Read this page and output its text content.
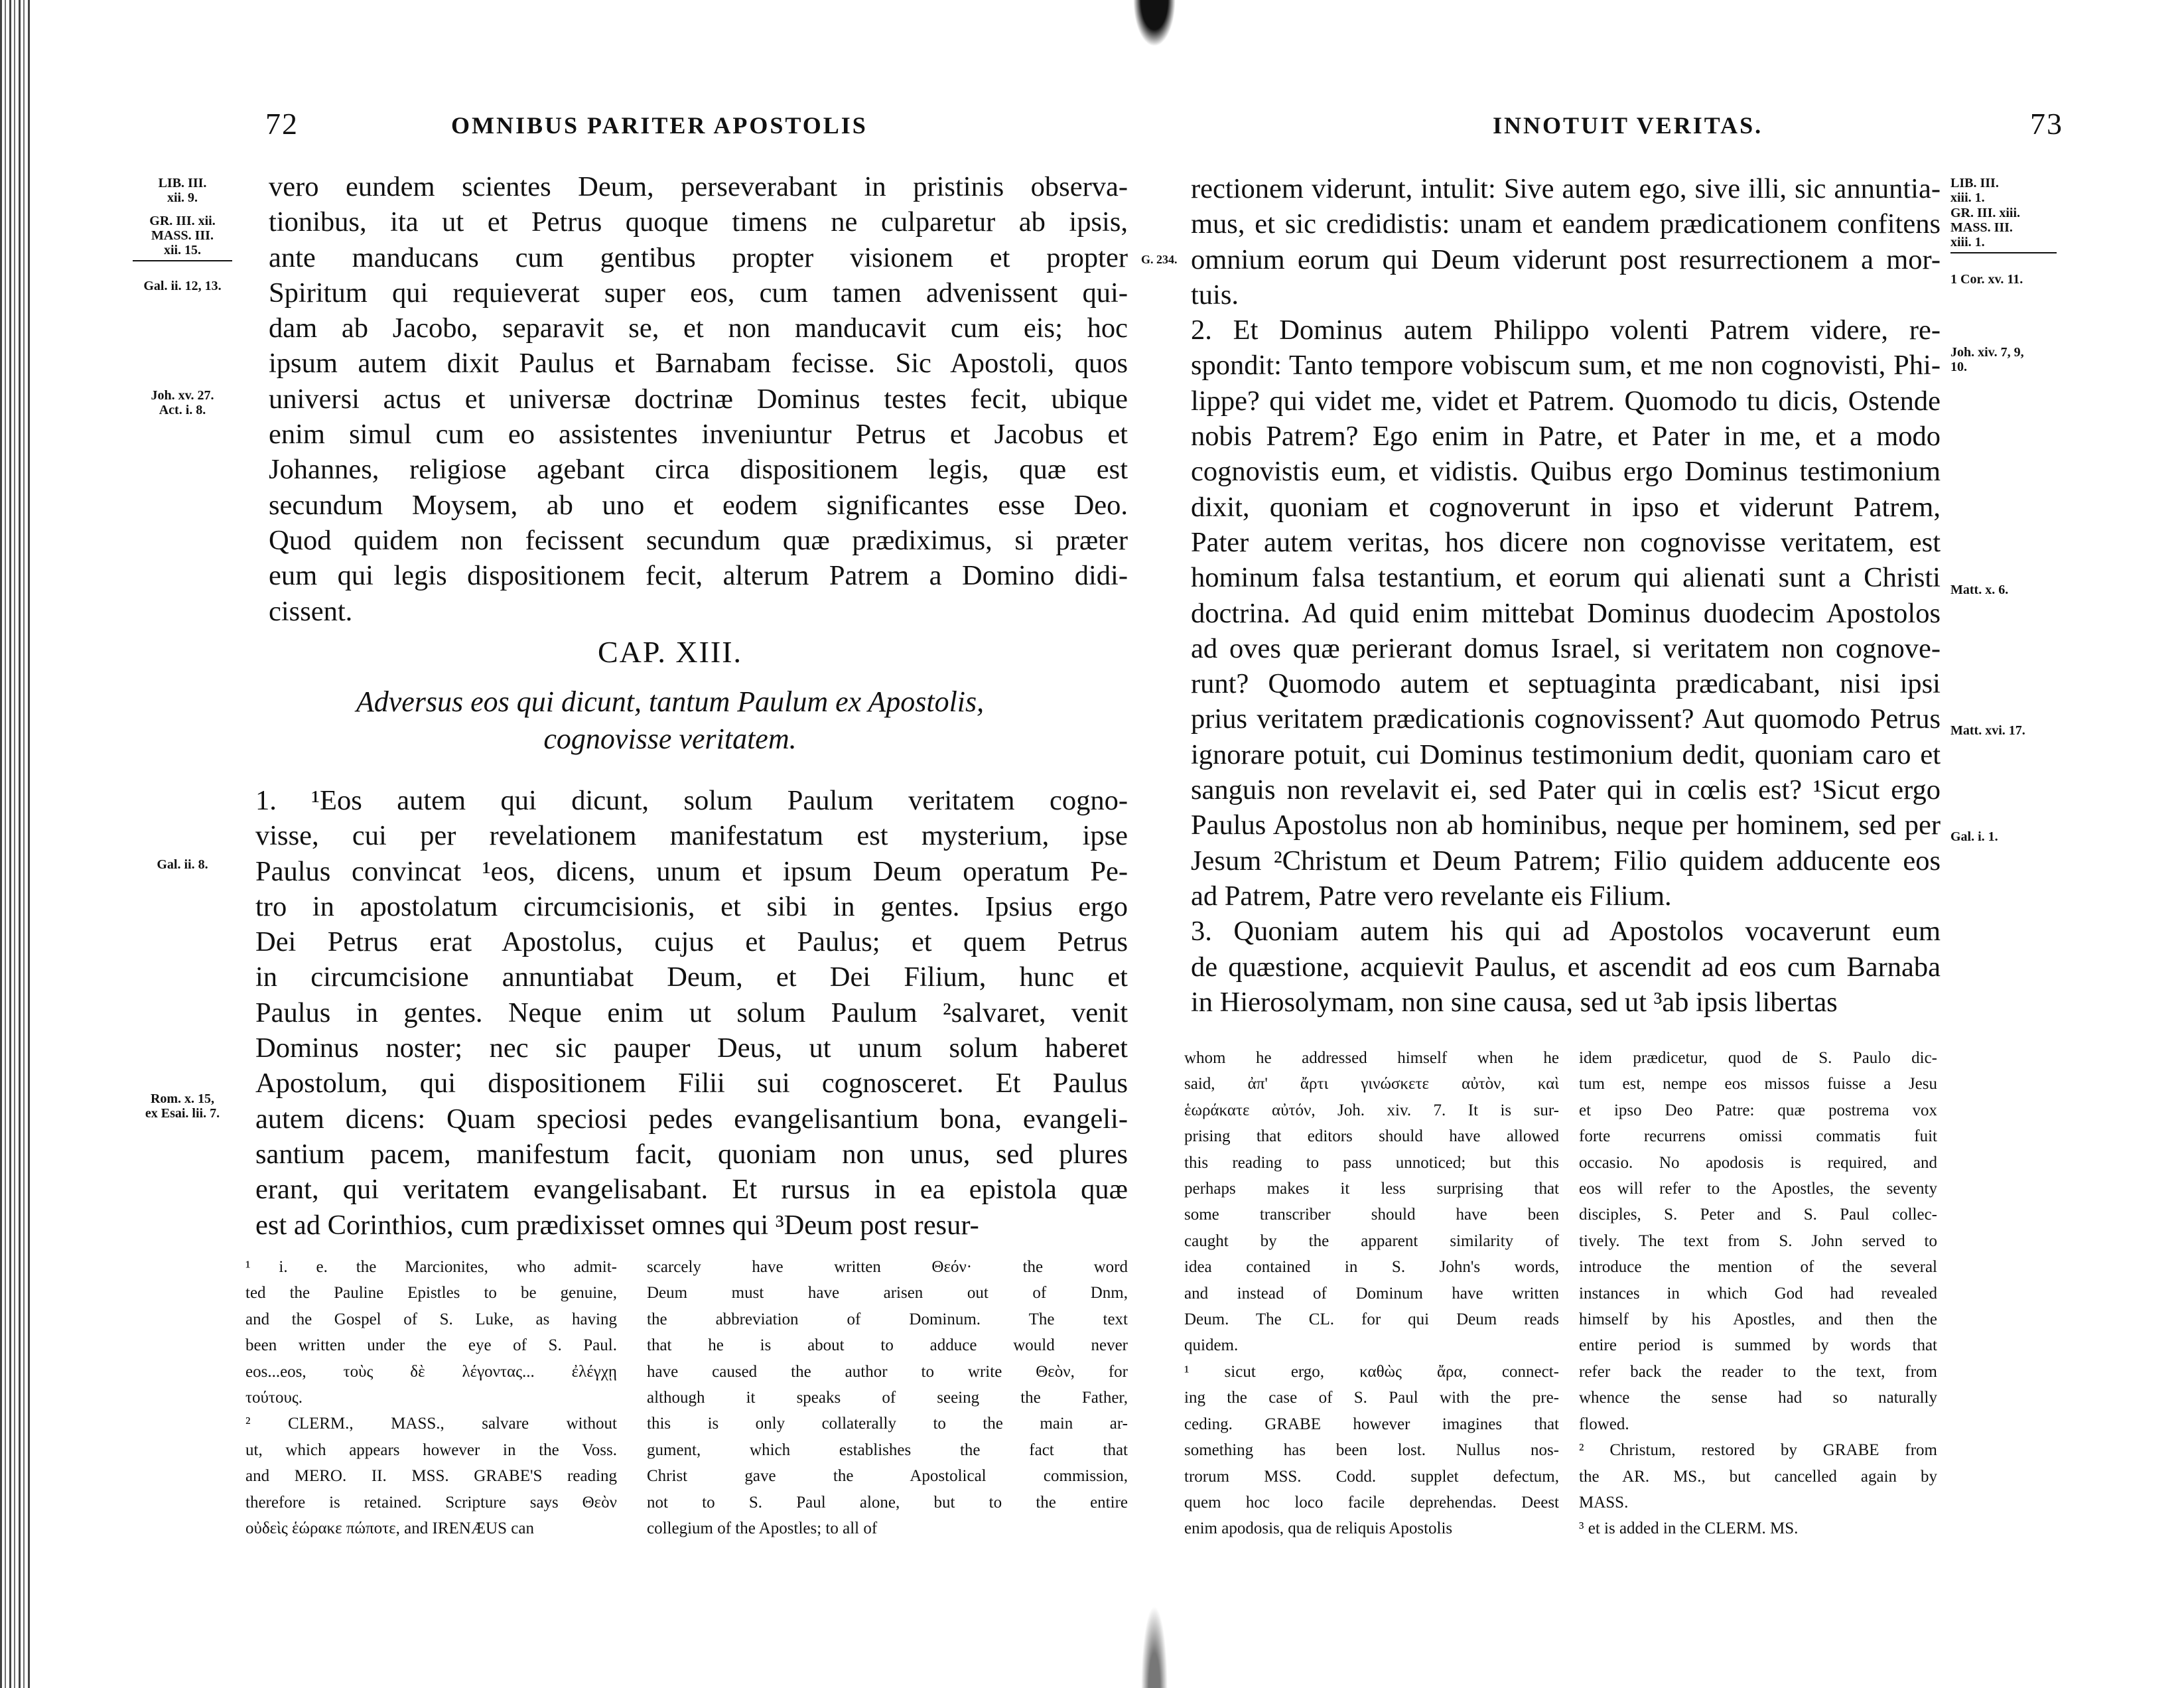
72	OMNIBUS PARITER APOSTOLIS
LIB. III.
xii. 9.
GR. III. xii.
MASS. III.
xii. 15.
Gal. ii. 12, 13.
Joh. xv. 27.
Act. i. 8.
Gal. ii. 8.
Rom. x. 15,
ex Esai. lii. 7.
vero eundem scientes Deum, perseverabant in pristinis observa-
tionibus, ita ut et Petrus quoque timens ne culparetur ab ipsis,
ante manducans cum gentibus propter visionem et propter
Spiritum qui requieverat super eos, cum tamen advenissent qui-
dam ab Jacobo, separavit se, et non manducavit cum eis; hoc
ipsum autem dixit Paulus et Barnabam fecisse. Sic Apostoli, quos
universi actus et universæ doctrinæ Dominus testes fecit, ubique
enim simul cum eo assistentes inveniuntur Petrus et Jacobus et
Johannes, religiose agebant circa dispositionem legis, quæ est
secundum Moysem, ab uno et eodem significantes esse Deo.
Quod quidem non fecissent secundum quæ prædiximus, si præter
eum qui legis dispositionem fecit, alterum Patrem a Domino didi-
cissent.
CAP. XIII.
Adversus eos qui dicunt, tantum Paulum ex Apostolis,
cognovisse veritatem.
1. ¹Eos autem qui dicunt, solum Paulum veritatem cogno-
visse, cui per revelationem manifestatum est mysterium, ipse
Paulus convincat ¹eos, dicens, unum et ipsum Deum operatum Pe-
tro in apostolatum circumcisionis, et sibi in gentes. Ipsius ergo
Dei Petrus erat Apostolus, cujus et Paulus; et quem Petrus
in circumcisione annuntiabat Deum, et Dei Filium, hunc et
Paulus in gentes. Neque enim ut solum Paulum ²salvaret, venit
Dominus noster; nec sic pauper Deus, ut unum solum haberet
Apostolum, qui dispositionem Filii sui cognosceret. Et Paulus
autem dicens: Quam speciosi pedes evangelisantium bona, evangeli-
santium pacem, manifestum facit, quoniam non unus, sed plures
erant, qui veritatem evangelisabant. Et rursus in ea epistola quæ
est ad Corinthios, cum prædixisset omnes qui ³Deum post resur-
¹ i. e. the Marcionites, who admit-
ted the Pauline Epistles to be genuine,
and the Gospel of S. Luke, as having
been written under the eye of S. Paul.
eos...eos, τοὺς δὲ λέγοντας... ἐλέγχῃ
τούτους.
² CLERM., MASS., salvare without
ut, which appears however in the Voss.
and MERO. II. MSS. GRABE'S reading
therefore is retained. Scripture says Θεὸν
οὐδεὶς ἑώρακε πώποτε, and IRENÆUS can
scarcely have written Θεόν· the word
Deum must have arisen out of Dnm,
the abbreviation of Dominum. The text
that he is about to adduce would never
have caused the author to write Θεὸν, for
although it speaks of seeing the Father,
this is only collaterally to the main ar-
gument, which establishes the fact that
Christ gave the Apostolical commission,
not to S. Paul alone, but to the entire
collegium of the Apostles; to all of
INNOTUIT VERITAS.	73
G. 234.
LIB. III.
xiii. 1.
GR. III. xiii.
MASS. III.
xiii. 1.
1 Cor. xv. 11.
Joh. xiv. 7, 9,
10.
Matt. x. 6.
Matt. xvi. 17.
Gal. i. 1.
rectionem viderunt, intulit: Sive autem ego, sive illi, sic annuntia-
mus, et sic credidistis: unam et eandem prædicationem confitens
omnium eorum qui Deum viderunt post resurrectionem a mor-
tuis.
2. Et Dominus autem Philippo volenti Patrem videre, re-
spondit: Tanto tempore vobiscum sum, et me non cognovisti, Phi-
lippe? qui videt me, videt et Patrem. Quomodo tu dicis, Ostende
nobis Patrem? Ego enim in Patre, et Pater in me, et a modo
cognovistis eum, et vidistis. Quibus ergo Dominus testimonium
dixit, quoniam et cognoverunt in ipso et viderunt Patrem,
Pater autem veritas, hos dicere non cognovisse veritatem, est
hominum falsa testantium, et eorum qui alienati sunt a Christi
doctrina. Ad quid enim mittebat Dominus duodecim Apostolos
ad oves quæ perierant domus Israel, si veritatem non cognove-
runt? Quomodo autem et septuaginta prædicabant, nisi ipsi
prius veritatem prædicationis cognovissent? Aut quomodo Petrus
ignorare potuit, cui Dominus testimonium dedit, quoniam caro et
sanguis non revelavit ei, sed Pater qui in cœlis est? ¹Sicut ergo
Paulus Apostolus non ab hominibus, neque per hominem, sed per
Jesum ²Christum et Deum Patrem; Filio quidem adducente eos
ad Patrem, Patre vero revelante eis Filium.
3. Quoniam autem his qui ad Apostolos vocaverunt eum
de quæstione, acquievit Paulus, et ascendit ad eos cum Barnaba
in Hierosolymam, non sine causa, sed ut ³ab ipsis libertas
whom he addressed himself when he
said, ἀπ' ἄρτι γινώσκετε αὐτὸν, καὶ
ἑωράκατε αὐτόν, Joh. xiv. 7. It is sur-
prising that editors should have allowed
this reading to pass unnoticed; but this
perhaps makes it less surprising that
some transcriber should have been
caught by the apparent similarity of
idea contained in S. John's words,
and instead of Dominum have written
Deum. The CL. for qui Deum reads
quidem.
¹ sicut ergo, καθὼς ἄρα, connect-
ing the case of S. Paul with the pre-
ceding. GRABE however imagines that
something has been lost. Nullus nos-
trorum MSS. Codd. supplet defectum,
quem hoc loco facile deprehendas. Deest
enim apodosis, qua de reliquis Apostolis
idem prædicetur, quod de S. Paulo dic-
tum est, nempe eos missos fuisse a Jesu
et ipso Deo Patre: quæ postrema vox
forte recurrens omissi commatis fuit
occasio. No apodosis is required, and
eos will refer to the Apostles, the seventy
disciples, S. Peter and S. Paul collec-
tively. The text from S. John served to
introduce the mention of the several
instances in which God had revealed
himself by his Apostles, and then the
entire period is summed by words that
refer back the reader to the text, from
whence the sense had so naturally
flowed.
² Christum, restored by GRABE from
the AR. MS., but cancelled again by
MASS.
³ et is added in the CLERM. MS.
